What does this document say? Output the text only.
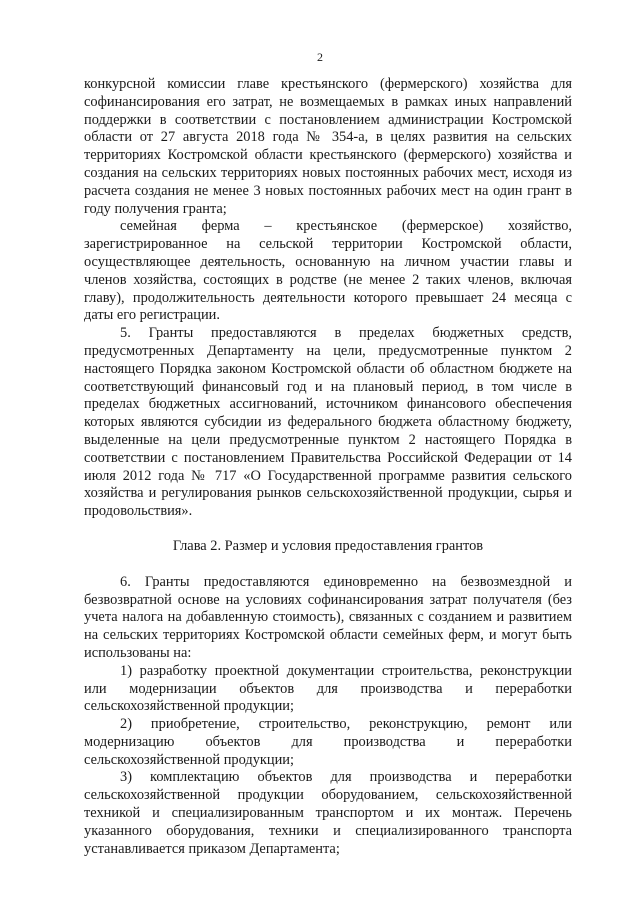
2

конкурсной комиссии главе крестьянского (фермерского) хозяйства для софинансирования его затрат, не возмещаемых в рамках иных направлений поддержки в соответствии с постановлением администрации Костромской области от 27 августа 2018 года № 354-а, в целях развития на сельских территориях Костромской области крестьянского (фермерского) хозяйства и создания на сельских территориях новых постоянных рабочих мест, исходя из расчета создания не менее 3 новых постоянных рабочих мест на один грант в году получения гранта;

семейная ферма – крестьянское (фермерское) хозяйство, зарегистрированное на сельской территории Костромской области, осуществляющее деятельность, основанную на личном участии главы и членов хозяйства, состоящих в родстве (не менее 2 таких членов, включая главу), продолжительность деятельности которого превышает 24 месяца с даты его регистрации.

5. Гранты предоставляются в пределах бюджетных средств, предусмотренных Департаменту на цели, предусмотренные пунктом 2 настоящего Порядка законом Костромской области об областном бюджете на соответствующий финансовый год и на плановый период, в том числе в пределах бюджетных ассигнований, источником финансового обеспечения которых являются субсидии из федерального бюджета областному бюджету, выделенные на цели предусмотренные пунктом 2 настоящего Порядка в соответствии с постановлением Правительства Российской Федерации от 14 июля 2012 года № 717 «О Государственной программе развития сельского хозяйства и регулирования рынков сельскохозяйственной продукции, сырья и продовольствия».

Глава 2. Размер и условия предоставления грантов

6. Гранты предоставляются единовременно на безвозмездной и безвозвратной основе на условиях софинансирования затрат получателя (без учета налога на добавленную стоимость), связанных с созданием и развитием на сельских территориях Костромской области семейных ферм, и могут быть использованы на:

1) разработку проектной документации строительства, реконструкции или модернизации объектов для производства и переработки сельскохозяйственной продукции;

2) приобретение, строительство, реконструкцию, ремонт или модернизацию объектов для производства и переработки сельскохозяйственной продукции;

3) комплектацию объектов для производства и переработки сельскохозяйственной продукции оборудованием, сельскохозяйственной техникой и специализированным транспортом и их монтаж. Перечень указанного оборудования, техники и специализированного транспорта устанавливается приказом Департамента;
